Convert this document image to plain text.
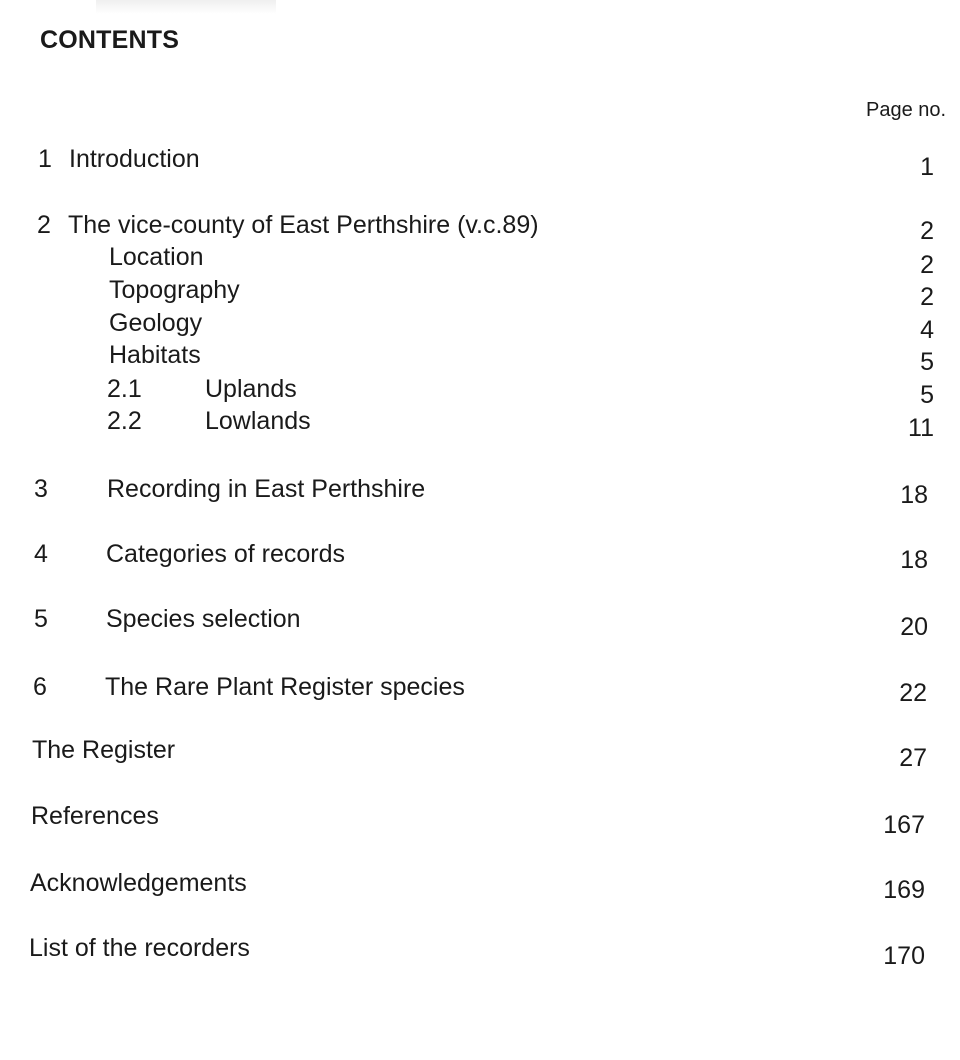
CONTENTS
Page no.
1 Introduction	1
2 The vice-county of East Perthshire (v.c.89)	2
Location	2
Topography	2
Geology	4
Habitats	5
2.1	Uplands	5
2.2	Lowlands	11
3 Recording in East Perthshire	18
4 Categories of records	18
5 Species selection	20
6 The Rare Plant Register species	22
The Register	27
References	167
Acknowledgements	169
List of the recorders	170
